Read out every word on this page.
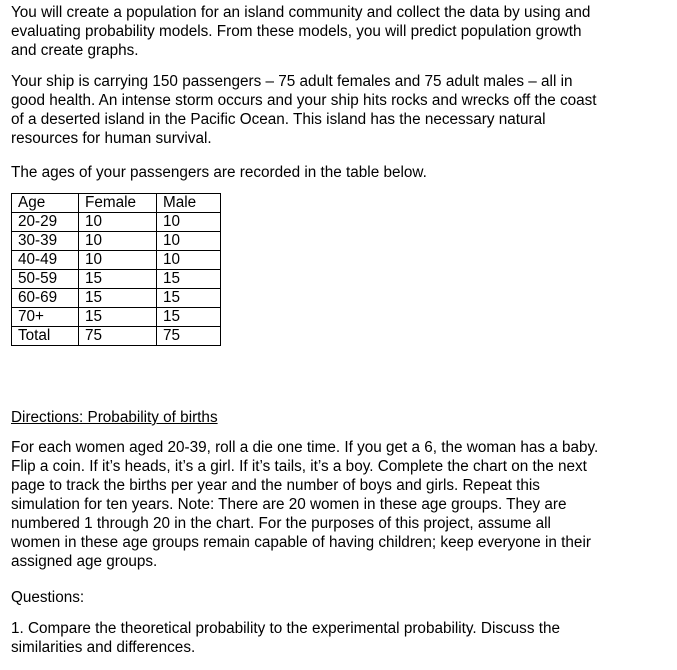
You will create a population for an island community and collect the data by using and
evaluating probability models. From these models, you will predict population growth
and create graphs.
Your ship is carrying 150 passengers – 75 adult females and 75 adult males – all in
good health. An intense storm occurs and your ship hits rocks and wrecks off the coast
of a deserted island in the Pacific Ocean. This island has the necessary natural
resources for human survival.
The ages of your passengers are recorded in the table below.
Age	Female	Male
20-29	10	10
30-39	10	10
40-49	10	10
50-59	15	15
60-69	15	15
70+	15	15
Total	75	75
Directions: Probability of births
For each women aged 20-39, roll a die one time. If you get a 6, the woman has a baby.
Flip a coin. If it’s heads, it’s a girl. If it’s tails, it’s a boy. Complete the chart on the next
page to track the births per year and the number of boys and girls. Repeat this
simulation for ten years. Note: There are 20 women in these age groups. They are
numbered 1 through 20 in the chart. For the purposes of this project, assume all
women in these age groups remain capable of having children; keep everyone in their
assigned age groups.
Questions:
1. Compare the theoretical probability to the experimental probability. Discuss the
similarities and differences.
